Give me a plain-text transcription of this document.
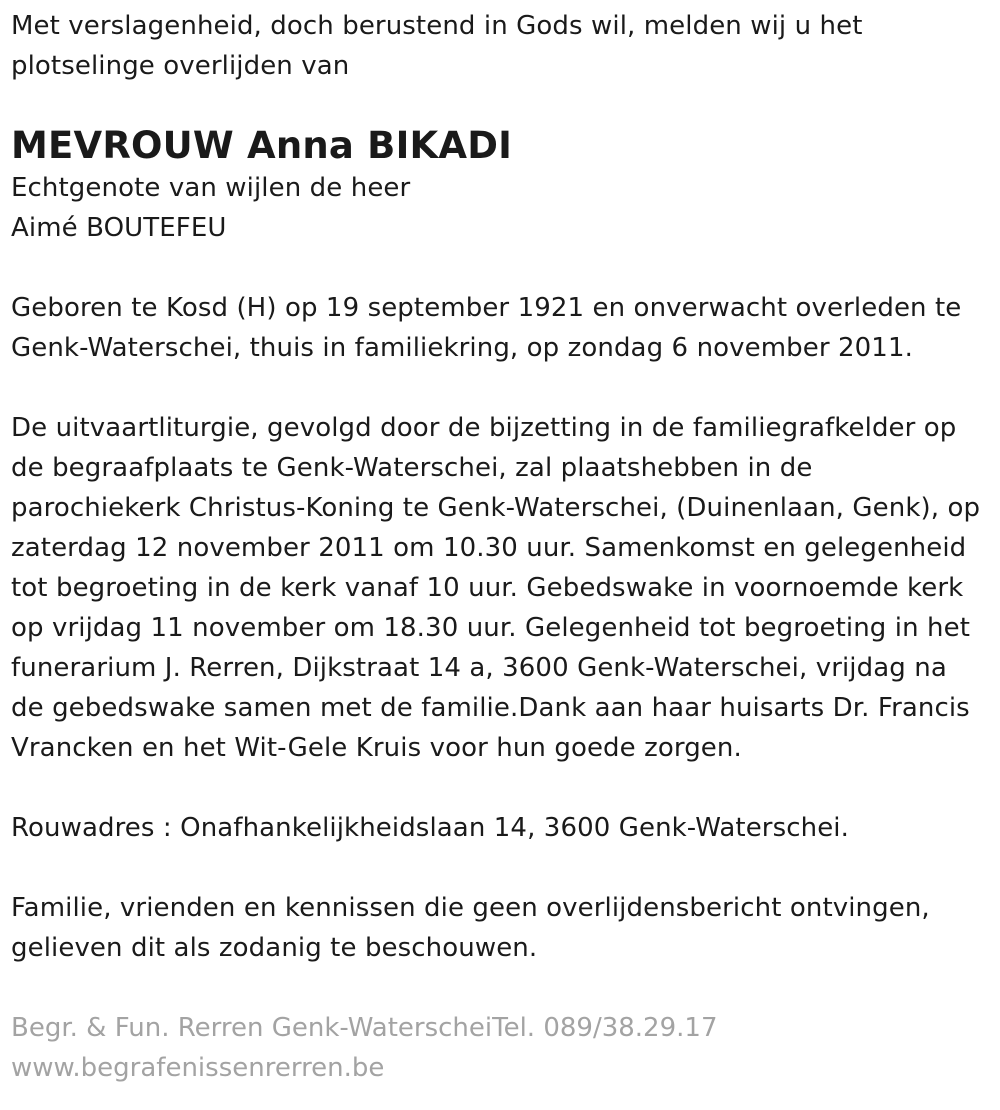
Met verslagenheid, doch berustend in Gods wil, melden wij u het
plotselinge overlijden van

MEVROUW Anna BIKADI

Echtgenote van wijlen de heer
Aimé BOUTEFEU

Geboren te Kosd (H) op 19 september 1921 en onverwacht overleden te
Genk-Waterschei, thuis in familiekring, op zondag 6 november 2011.

De uitvaartliturgie, gevolgd door de bijzetting in de familiegrafkelder op
de begraafplaats te Genk-Waterschei, zal plaatshebben in de
parochiekerk Christus-Koning te Genk-Waterschei, (Duinenlaan, Genk), op
zaterdag 12 november 2011 om 10.30 uur. Samenkomst en gelegenheid
tot begroeting in de kerk vanaf 10 uur. Gebedswake in voornoemde kerk
op vrijdag 11 november om 18.30 uur. Gelegenheid tot begroeting in het
funerarium J. Rerren, Dijkstraat 14 a, 3600 Genk-Waterschei, vrijdag na
de gebedswake samen met de familie.Dank aan haar huisarts Dr. Francis
Vrancken en het Wit-Gele Kruis voor hun goede zorgen.

Rouwadres : Onafhankelijkheidslaan 14, 3600 Genk-Waterschei.

Familie, vrienden en kennissen die geen overlijdensbericht ontvingen,
gelieven dit als zodanig te beschouwen.

Begr. & Fun. Rerren Genk-WaterscheiTel. 089/38.29.17

www.begrafenissenrerren.be
